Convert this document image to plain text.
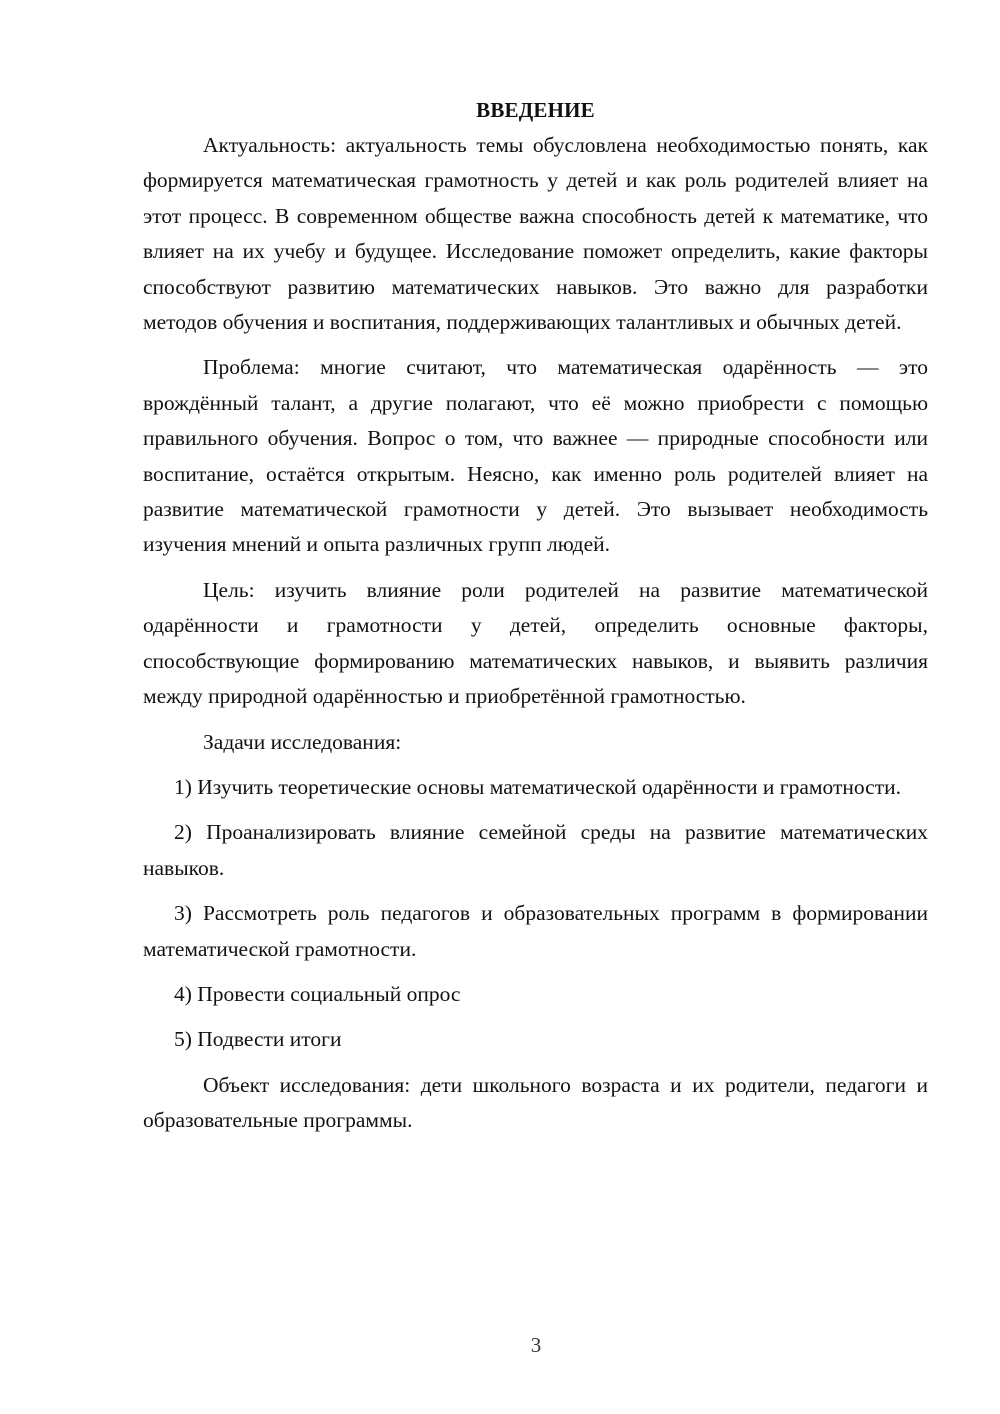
ВВЕДЕНИЕ

Актуальность: актуальность темы обусловлена необходимостью понять, как формируется математическая грамотность у детей и как роль родителей влияет на этот процесс. В современном обществе важна способность детей к математике, что влияет на их учебу и будущее. Исследование поможет определить, какие факторы способствуют развитию математических навыков. Это важно для разработки методов обучения и воспитания, поддерживающих талантливых и обычных детей.

Проблема: многие считают, что математическая одарённость — это врождённый талант, а другие полагают, что её можно приобрести с помощью правильного обучения. Вопрос о том, что важнее — природные способности или воспитание, остаётся открытым. Неясно, как именно роль родителей влияет на развитие математической грамотности у детей. Это вызывает необходимость изучения мнений и опыта различных групп людей.

Цель: изучить влияние роли родителей на развитие математической одарённости и грамотности у детей, определить основные факторы, способствующие формированию математических навыков, и выявить различия между природной одарённостью и приобретённой грамотностью.

Задачи исследования:

1) Изучить теоретические основы математической одарённости и грамотности.

2) Проанализировать влияние семейной среды на развитие математических навыков.

3) Рассмотреть роль педагогов и образовательных программ в формировании математической грамотности.

4) Провести социальный опрос

5) Подвести итоги

Объект исследования: дети школьного возраста и их родители, педагоги и образовательные программы.

3
